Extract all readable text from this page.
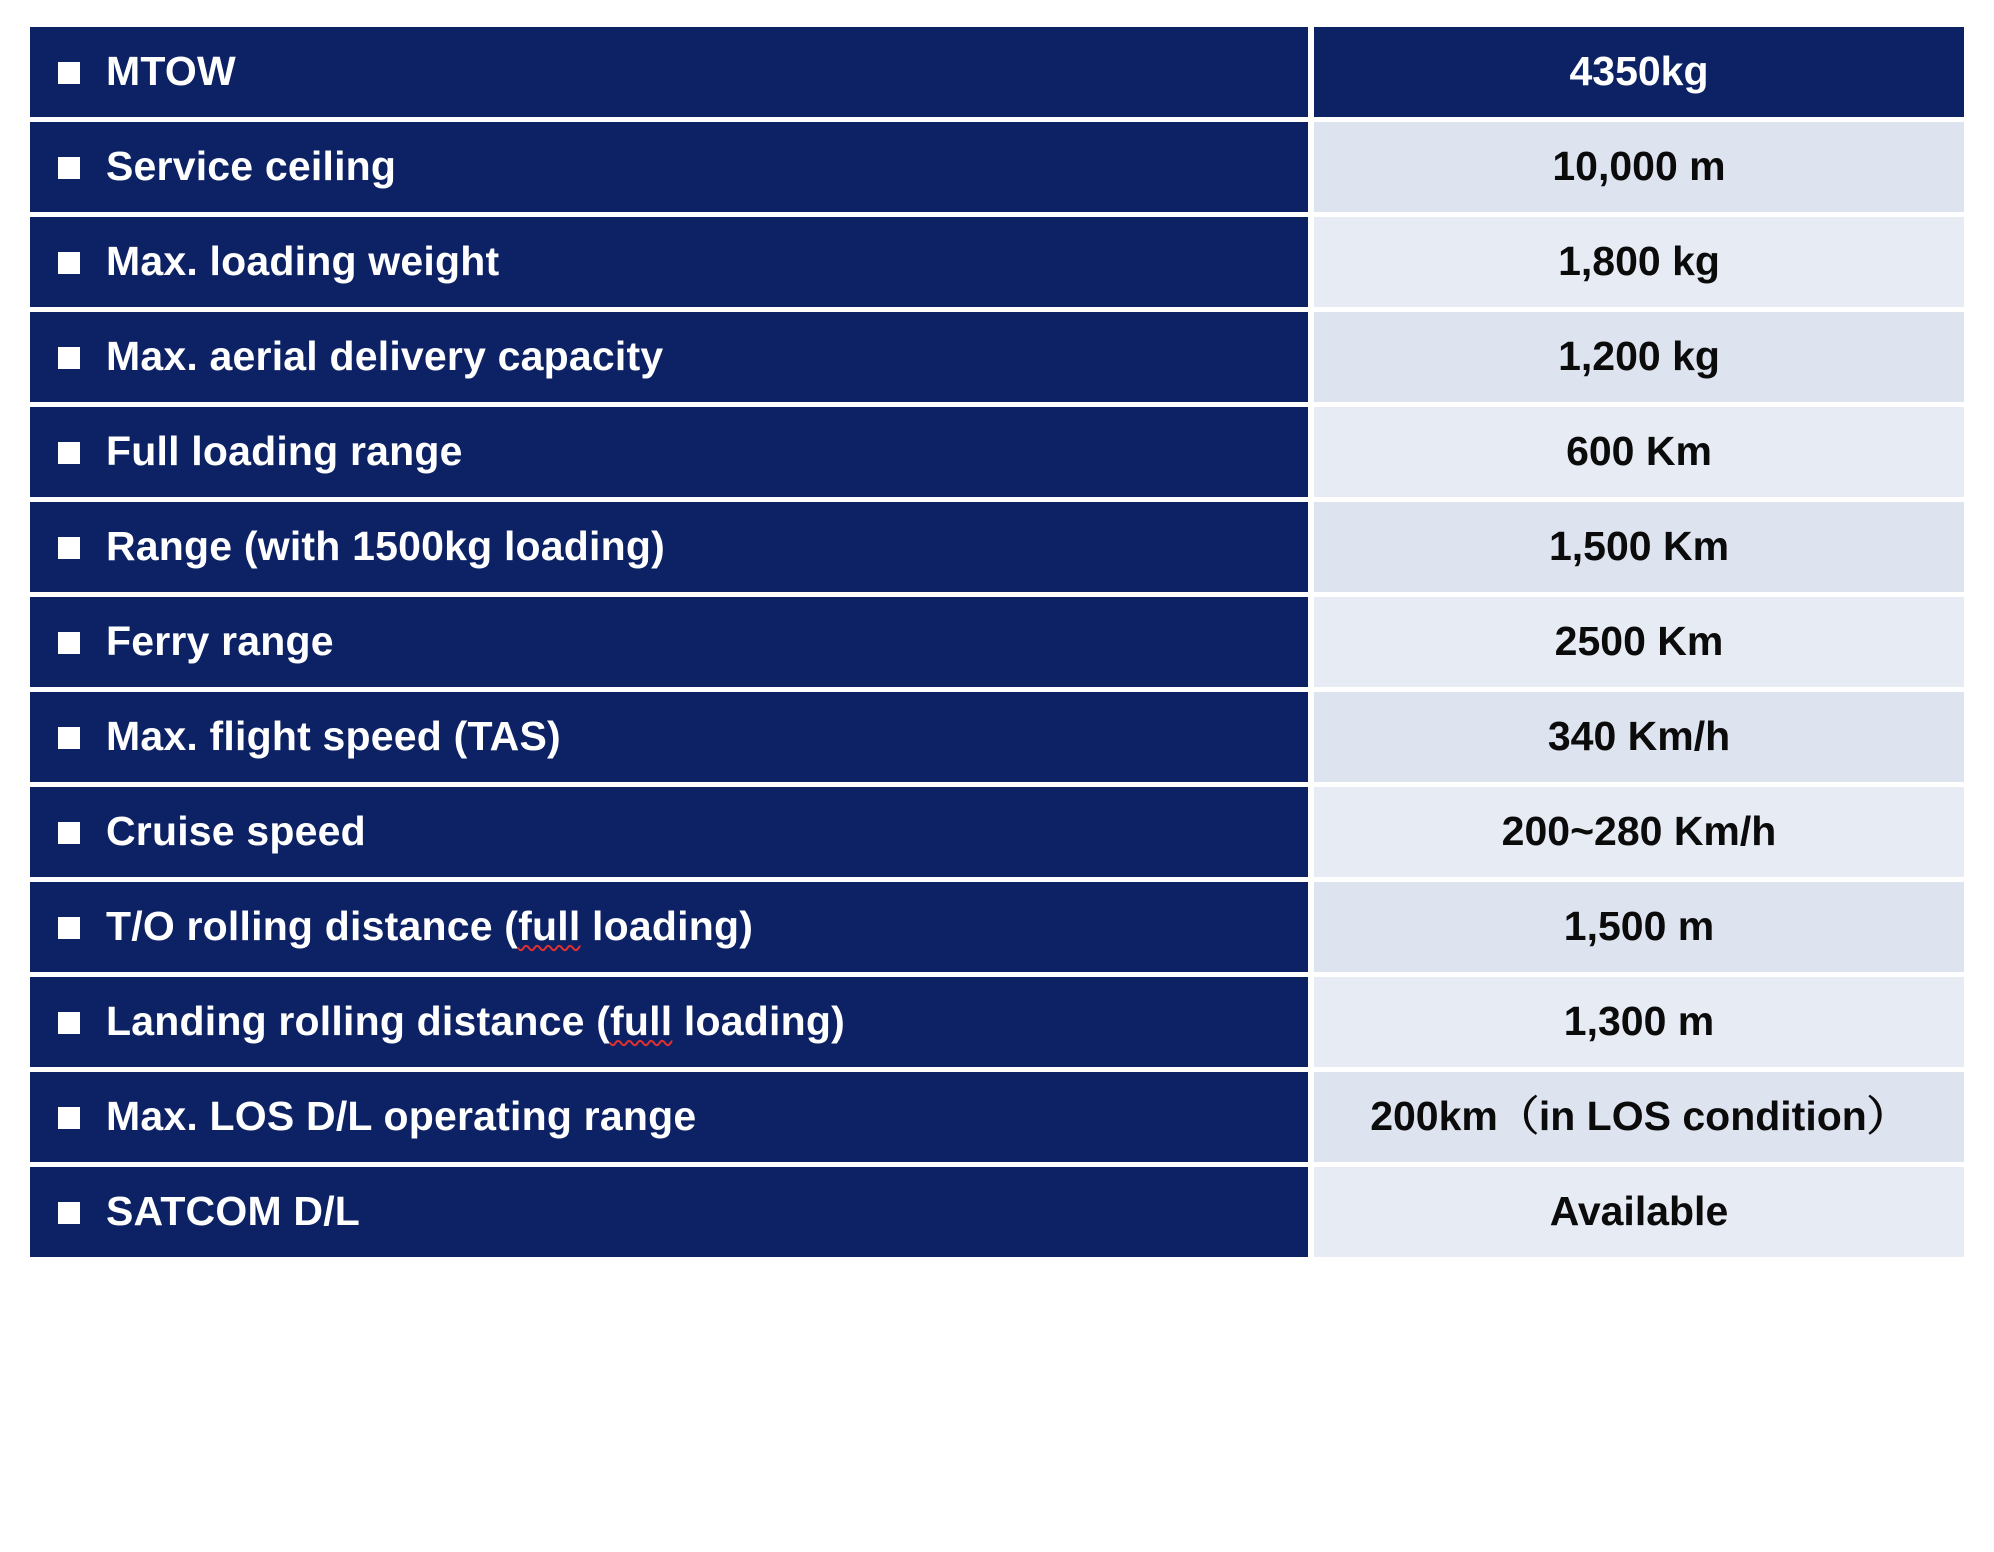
MTOW		4350kg

Service ceiling		10,000 m

Max. loading weight		1,800 kg

Max. aerial delivery capacity		1,200 kg

Full loading range		600 Km

Range (with 1500kg loading)		1,500 Km

Ferry range		2500 Km

Max. flight speed (TAS)		340 Km/h

Cruise speed		200~280 Km/h

T/O rolling distance (full loading)		1,500 m

Landing rolling distance (full loading)		1,300 m

Max. LOS D/L operating range		200km（in LOS condition）

SATCOM D/L		Available
